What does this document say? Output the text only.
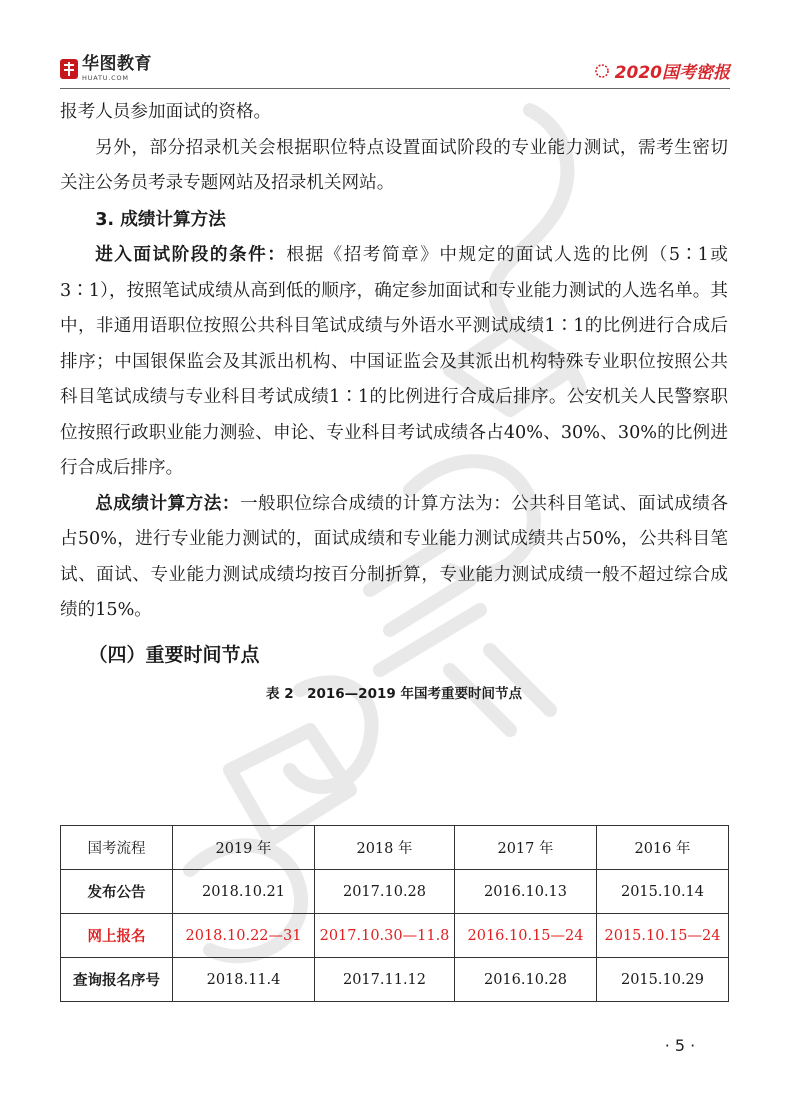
华图教育
HUATU.COM	2020国考密报

报考人员参加面试的资格。

另外，部分招录机关会根据职位特点设置面试阶段的专业能力测试，需考生密切关注公务员考录专题网站及招录机关网站。

3. 成绩计算方法

进入面试阶段的条件：根据《招考简章》中规定的面试人选的比例（5∶1或3∶1），按照笔试成绩从高到低的顺序，确定参加面试和专业能力测试的人选名单。其中，非通用语职位按照公共科目笔试成绩与外语水平测试成绩1∶1的比例进行合成后排序；中国银保监会及其派出机构、中国证监会及其派出机构特殊专业职位按照公共科目笔试成绩与专业科目考试成绩1∶1的比例进行合成后排序。公安机关人民警察职位按照行政职业能力测验、申论、专业科目考试成绩各占40%、30%、30%的比例进行合成后排序。

总成绩计算方法：一般职位综合成绩的计算方法为：公共科目笔试、面试成绩各占50%，进行专业能力测试的，面试成绩和专业能力测试成绩共占50%，公共科目笔试、面试、专业能力测试成绩均按百分制折算，专业能力测试成绩一般不超过综合成绩的15%。

（四）重要时间节点
表 2　2016—2019 年国考重要时间节点
国考流程	2019 年	2018 年	2017 年	2016 年
发布公告	2018.10.21	2017.10.28	2016.10.13	2015.10.14
网上报名	2018.10.22—31	2017.10.30—11.8	2016.10.15—24	2015.10.15—24
查询报名序号	2018.11.4	2017.11.12	2016.10.28	2015.10.29
· 5 ·
